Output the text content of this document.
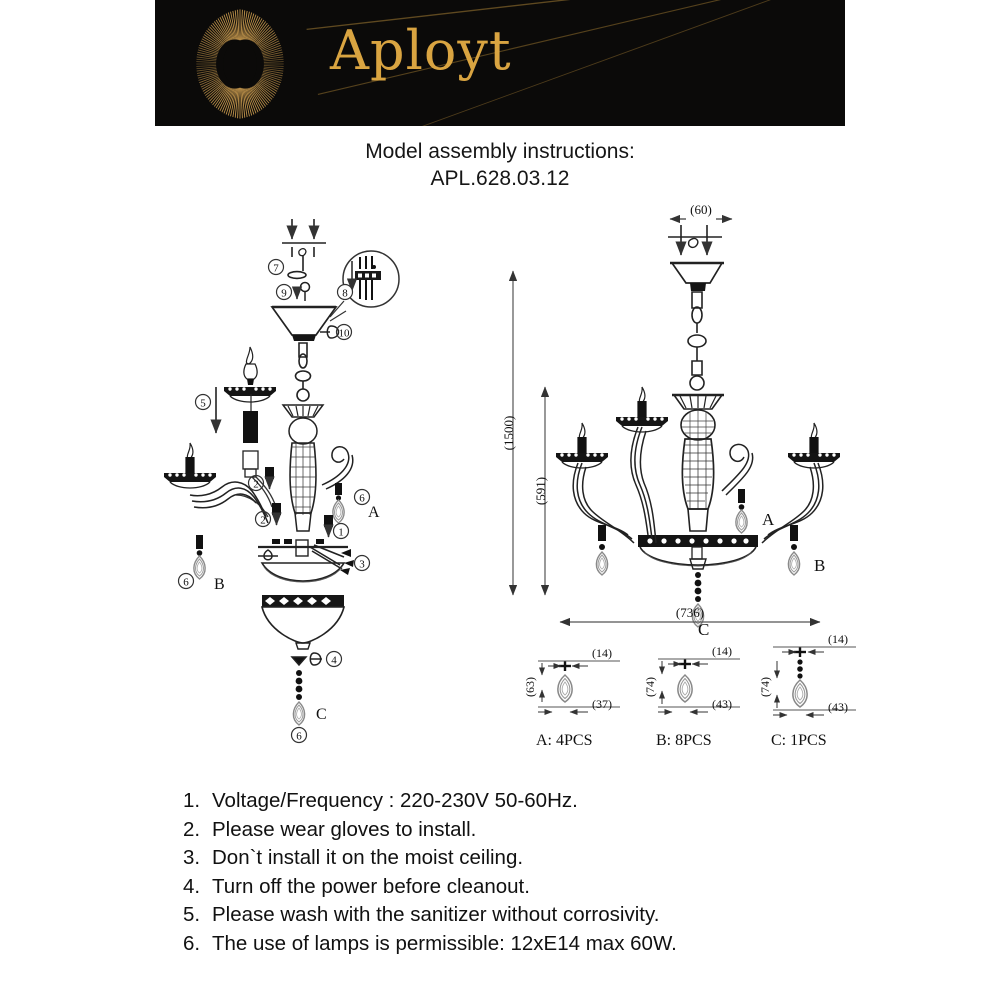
Aployt
Model assembly instructions:
APL.628.03.12
7
9	8
10
5
2
2
6
A
1
3
4
C
6
B
6
(60)
A
B
C
(1500)
(591)
(736)
(14)
(63)
(37)
A: 4PCS
(14)
(74)
(43)
B: 8PCS
(14)
(74)
(43)
C: 1PCS
1. Voltage/Frequency : 220-230V 50-60Hz.
2. Please wear gloves to install.
3. Don`t install it on the moist ceiling.
4. Turn off the power before cleanout.
5. Please wash with the sanitizer without corrosivity.
6. The use of lamps is permissible: 12xE14 max 60W.
